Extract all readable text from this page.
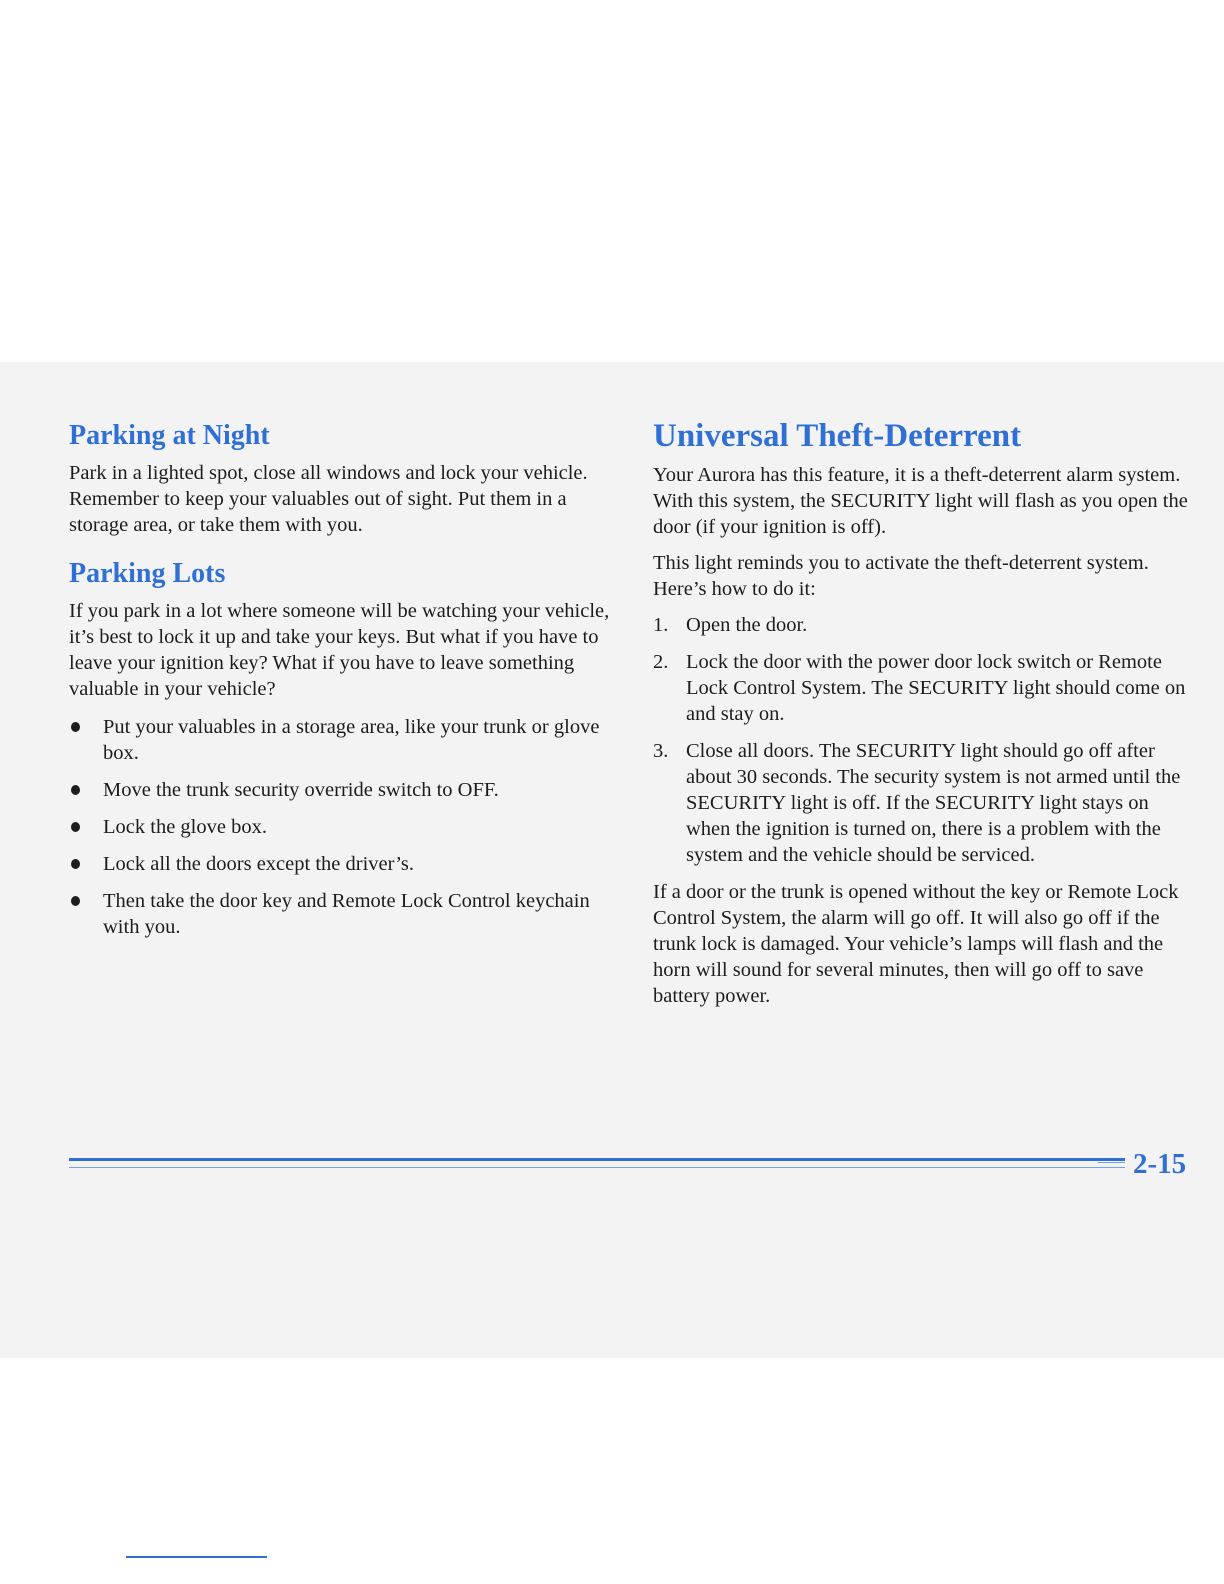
Parking at Night

Park in a lighted spot, close all windows and lock your vehicle. Remember to keep your valuables out of sight. Put them in a storage area, or take them with you.

Parking Lots

If you park in a lot where someone will be watching your vehicle, it’s best to lock it up and take your keys. But what if you have to leave your ignition key? What if you have to leave something valuable in your vehicle?

Put your valuables in a storage area, like your trunk or glove box.
Move the trunk security override switch to OFF.
Lock the glove box.
Lock all the doors except the driver’s.
Then take the door key and Remote Lock Control keychain with you.
Universal Theft-Deterrent

Your Aurora has this feature, it is a theft-deterrent alarm system. With this system, the SECURITY light will flash as you open the door (if your ignition is off).

This light reminds you to activate the theft-deterrent system. Here’s how to do it:

1. Open the door.
2. Lock the door with the power door lock switch or Remote Lock Control System. The SECURITY light should come on and stay on.
3. Close all doors. The SECURITY light should go off after about 30 seconds. The security system is not armed until the SECURITY light is off. If the SECURITY light stays on when the ignition is turned on, there is a problem with the system and the vehicle should be serviced.

If a door or the trunk is opened without the key or Remote Lock Control System, the alarm will go off. It will also go off if the trunk lock is damaged. Your vehicle’s lamps will flash and the horn will sound for several minutes, then will go off to save battery power.

2-15
